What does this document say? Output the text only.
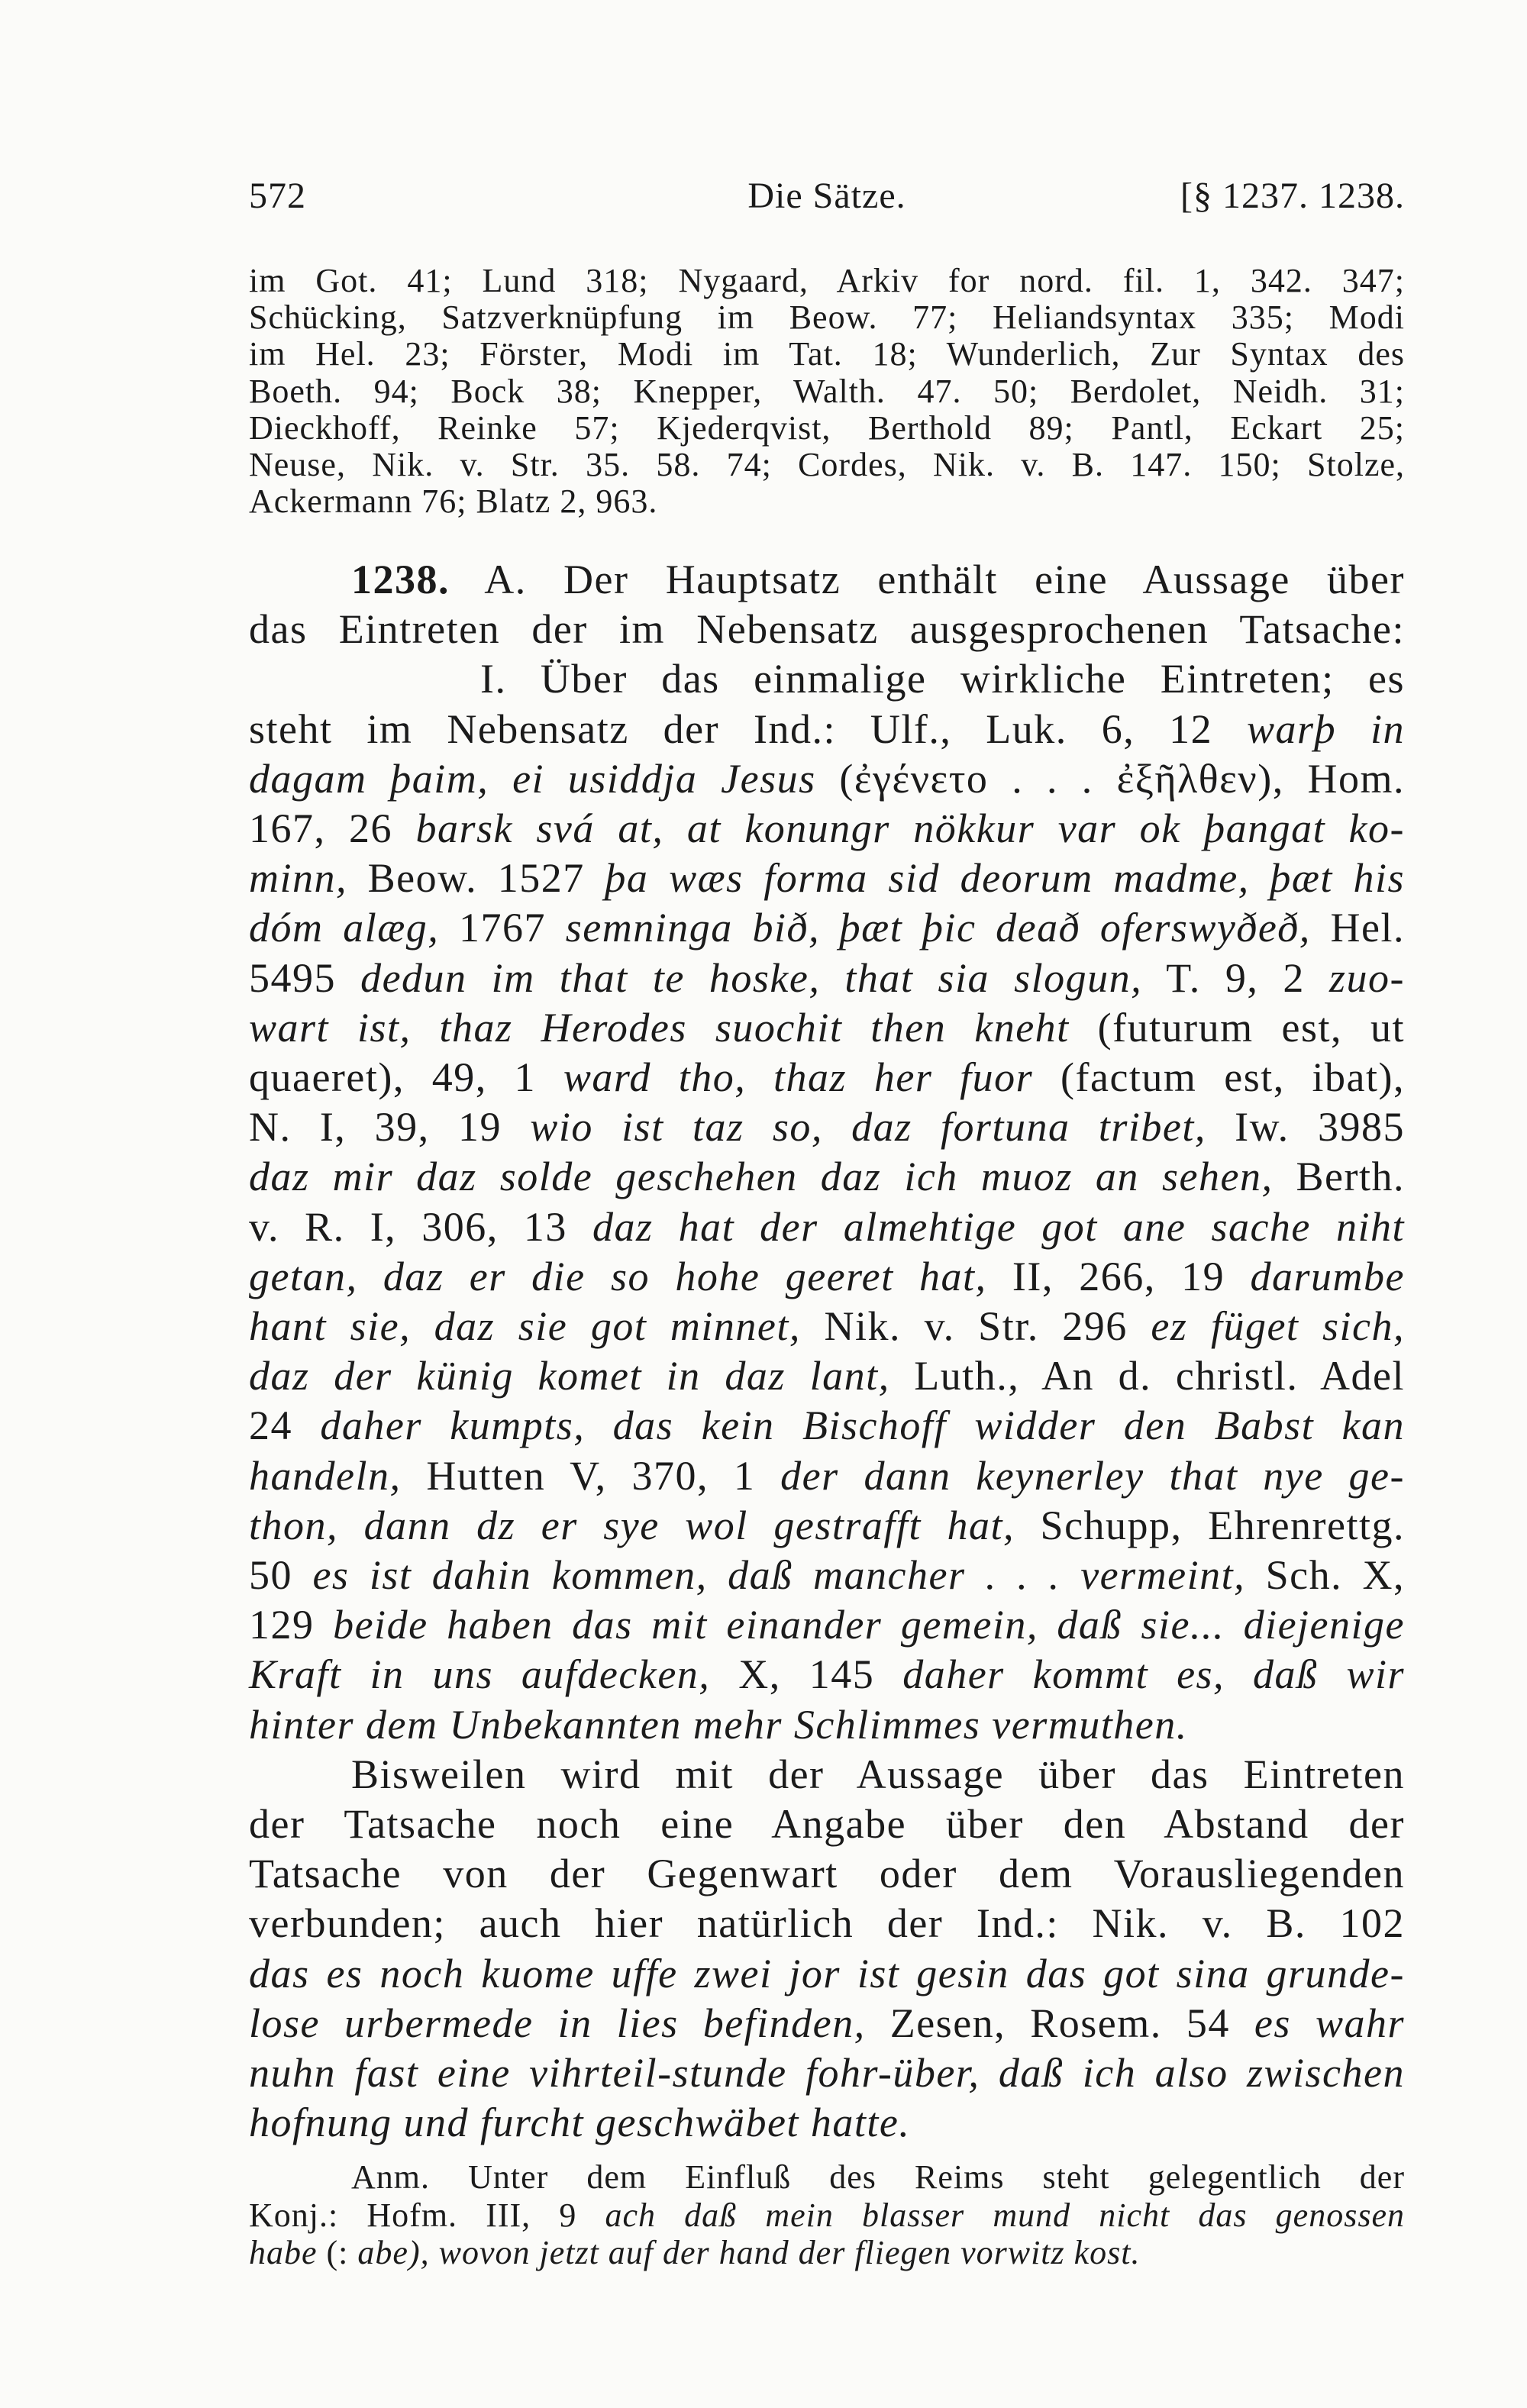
572	Die Sätze.	[§ 1237. 1238.
im Got. 41; Lund 318; Nygaard, Arkiv for nord. fil. 1, 342. 347;
Schücking, Satzverknüpfung im Beow. 77; Heliandsyntax 335; Modi
im Hel. 23; Förster, Modi im Tat. 18; Wunderlich, Zur Syntax des
Boeth. 94; Bock 38; Knepper, Walth. 47. 50; Berdolet, Neidh. 31;
Dieckhoff, Reinke 57; Kjederqvist, Berthold 89; Pantl, Eckart 25;
Neuse, Nik. v. Str. 35. 58. 74; Cordes, Nik. v. B. 147. 150; Stolze,
Ackermann 76; Blatz 2, 963.
1238. A. Der Hauptsatz enthält eine Aussage über
das Eintreten der im Nebensatz ausgesprochenen Tatsache:
I. Über das einmalige wirkliche Eintreten; es
steht im Nebensatz der Ind.: Ulf., Luk. 6, 12 warþ in
dagam þaim, ei usiddja Jesus (ἐγένετο . . . ἐξῆλθεν), Hom.
167, 26 barsk svá at, at konungr nökkur var ok þangat ko-
minn, Beow. 1527 þa wæs forma sid deorum madme, þæt his
dóm alæg, 1767 semninga bið, þæt þic deað oferswyðeð, Hel.
5495 dedun im that te hoske, that sia slogun, T. 9, 2 zuo-
wart ist, thaz Herodes suochit then kneht (futurum est, ut
quaeret), 49, 1 ward tho, thaz her fuor (factum est, ibat),
N. I, 39, 19 wio ist taz so, daz fortuna tribet, Iw. 3985
daz mir daz solde geschehen daz ich muoz an sehen, Berth.
v. R. I, 306, 13 daz hat der almehtige got ane sache niht
getan, daz er die so hohe geeret hat, II, 266, 19 darumbe
hant sie, daz sie got minnet, Nik. v. Str. 296 ez füget sich,
daz der künig komet in daz lant, Luth., An d. christl. Adel
24 daher kumpts, das kein Bischoff widder den Babst kan
handeln, Hutten V, 370, 1 der dann keynerley that nye ge-
thon, dann dz er sye wol gestrafft hat, Schupp, Ehrenrettg.
50 es ist dahin kommen, daß mancher . . . vermeint, Sch. X,
129 beide haben das mit einander gemein, daß sie... diejenige
Kraft in uns aufdecken, X, 145 daher kommt es, daß wir
hinter dem Unbekannten mehr Schlimmes vermuthen.
Bisweilen wird mit der Aussage über das Eintreten
der Tatsache noch eine Angabe über den Abstand der
Tatsache von der Gegenwart oder dem Vorausliegenden
verbunden; auch hier natürlich der Ind.: Nik. v. B. 102
das es noch kuome uffe zwei jor ist gesin das got sina grunde-
lose urbermede in lies befinden, Zesen, Rosem. 54 es wahr
nuhn fast eine vihrteil-stunde fohr-über, daß ich also zwischen
hofnung und furcht geschwäbet hatte.
Anm. Unter dem Einfluß des Reims steht gelegentlich der
Konj.: Hofm. III, 9 ach daß mein blasser mund nicht das genossen
habe (: abe), wovon jetzt auf der hand der fliegen vorwitz kost.
